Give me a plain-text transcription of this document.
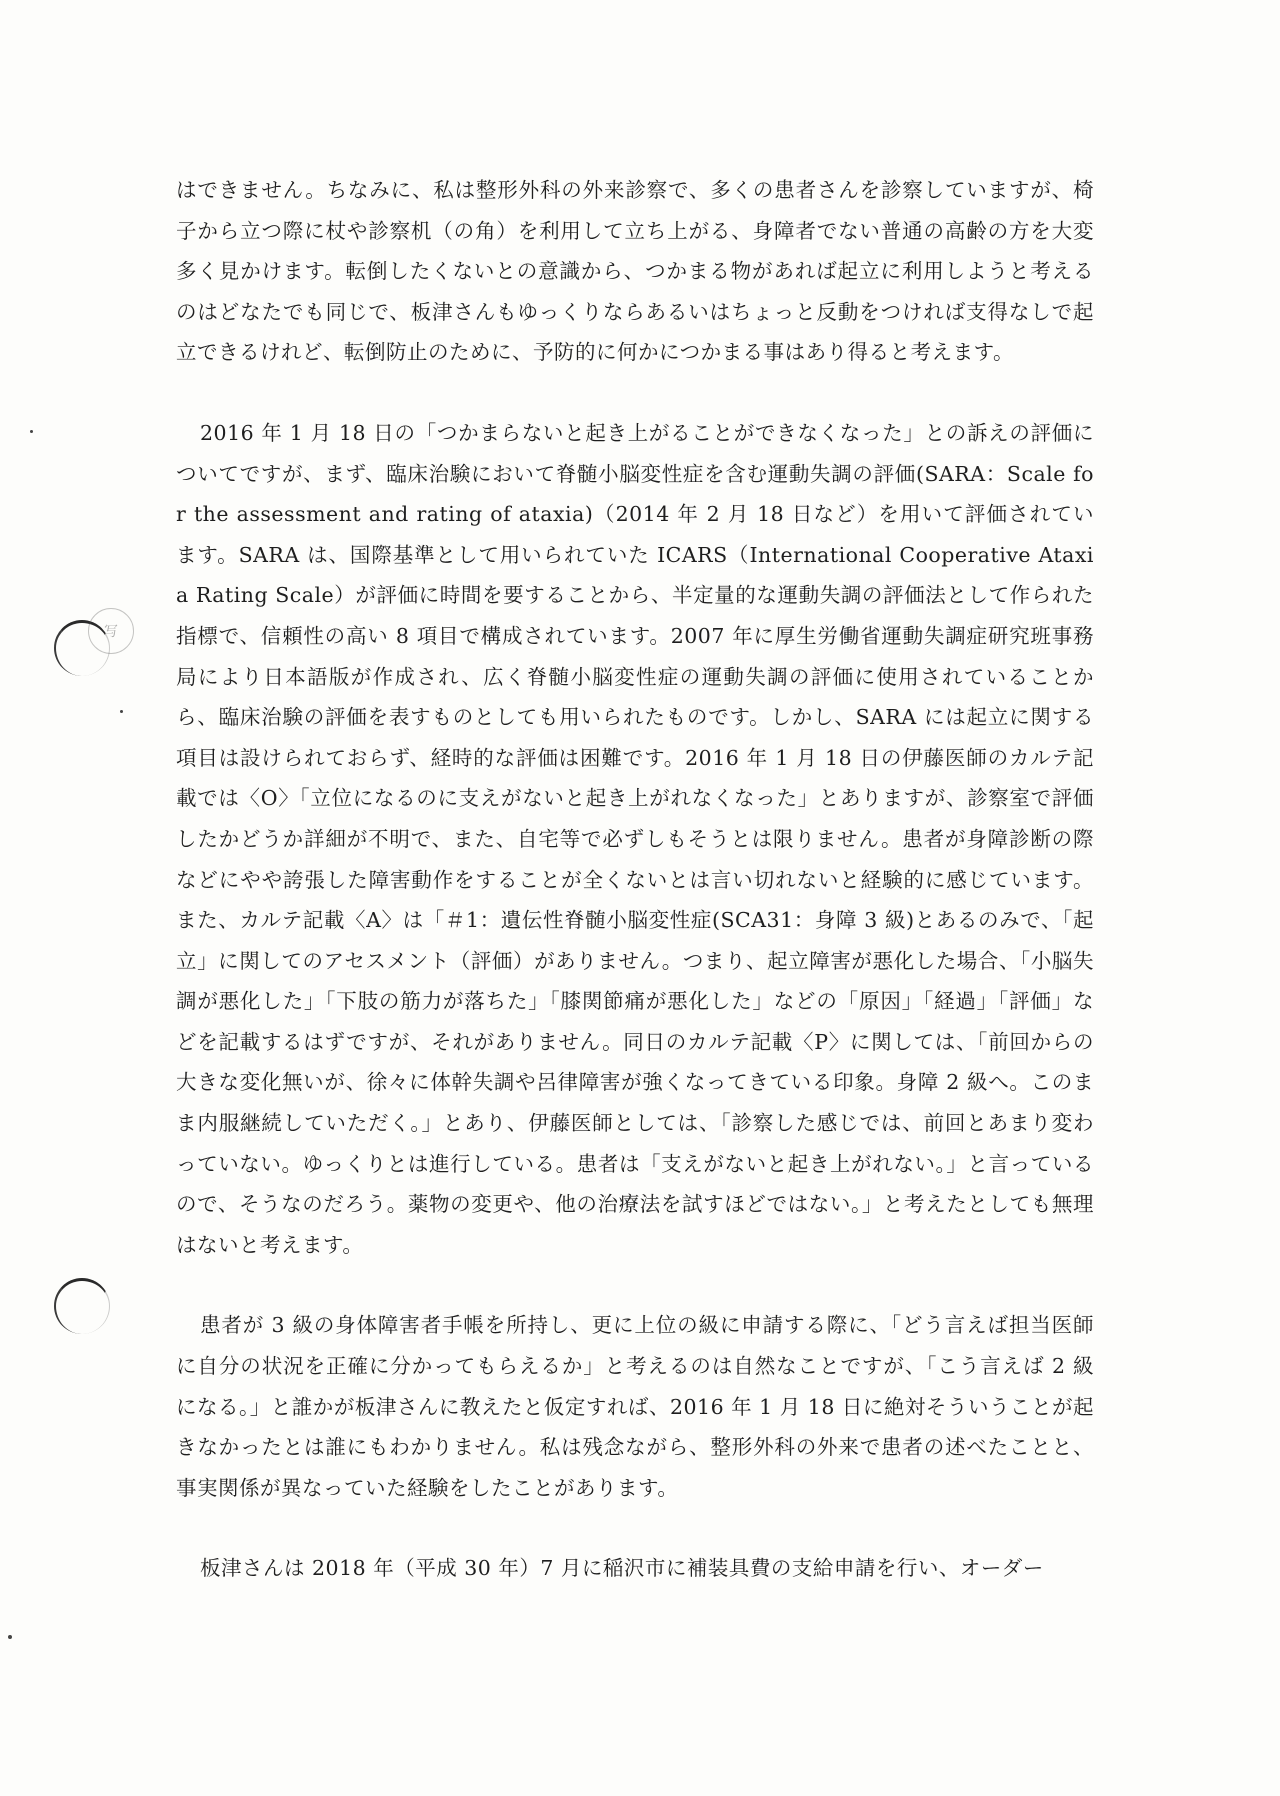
写

はできません。ちなみに、私は整形外科の外来診察で、多くの患者さんを診察していますが、椅子から立つ際に杖や診察机（の角）を利用して立ち上がる、身障者でない普通の高齢の方を大変多く見かけます。転倒したくないとの意識から、つかまる物があれば起立に利用しようと考えるのはどなたでも同じで、板津さんもゆっくりならあるいはちょっと反動をつければ支得なしで起立できるけれど、転倒防止のために、予防的に何かにつかまる事はあり得ると考えます。

2016 年 1 月 18 日の「つかまらないと起き上がることができなくなった」との訴えの評価についてですが、まず、臨床治験において脊髄小脳変性症を含む運動失調の評価(SARA：Scale for the assessment and rating of ataxia)（2014 年 2 月 18 日など）を用いて評価されています。SARA は、国際基準として用いられていた ICARS（International Cooperative Ataxia Rating Scale）が評価に時間を要することから、半定量的な運動失調の評価法として作られた指標で、信頼性の高い 8 項目で構成されています。2007 年に厚生労働省運動失調症研究班事務局により日本語版が作成され、広く脊髄小脳変性症の運動失調の評価に使用されていることから、臨床治験の評価を表すものとしても用いられたものです。しかし、SARA には起立に関する項目は設けられておらず、経時的な評価は困難です。2016 年 1 月 18 日の伊藤医師のカルテ記載では〈O〉「立位になるのに支えがないと起き上がれなくなった」とありますが、診察室で評価したかどうか詳細が不明で、また、自宅等で必ずしもそうとは限りません。患者が身障診断の際などにやや誇張した障害動作をすることが全くないとは言い切れないと経験的に感じています。また、カルテ記載〈A〉は「＃1：遺伝性脊髄小脳変性症(SCA31：身障 3 級)とあるのみで、「起立」に関してのアセスメント（評価）がありません。つまり、起立障害が悪化した場合、「小脳失調が悪化した」「下肢の筋力が落ちた」「膝関節痛が悪化した」などの「原因」「経過」「評価」などを記載するはずですが、それがありません。同日のカルテ記載〈P〉に関しては、「前回からの大きな変化無いが、徐々に体幹失調や呂律障害が強くなってきている印象。身障 2 級へ。このまま内服継続していただく。」とあり、伊藤医師としては、「診察した感じでは、前回とあまり変わっていない。ゆっくりとは進行している。患者は「支えがないと起き上がれない。」と言っているので、そうなのだろう。薬物の変更や、他の治療法を試すほどではない。」と考えたとしても無理はないと考えます。

患者が 3 級の身体障害者手帳を所持し、更に上位の級に申請する際に、「どう言えば担当医師に自分の状況を正確に分かってもらえるか」と考えるのは自然なことですが、「こう言えば 2 級になる。」と誰かが板津さんに教えたと仮定すれば、2016 年 1 月 18 日に絶対そういうことが起きなかったとは誰にもわかりません。私は残念ながら、整形外科の外来で患者の述べたことと、事実関係が異なっていた経験をしたことがあります。

板津さんは 2018 年（平成 30 年）7 月に稲沢市に補装具費の支給申請を行い、オーダー
